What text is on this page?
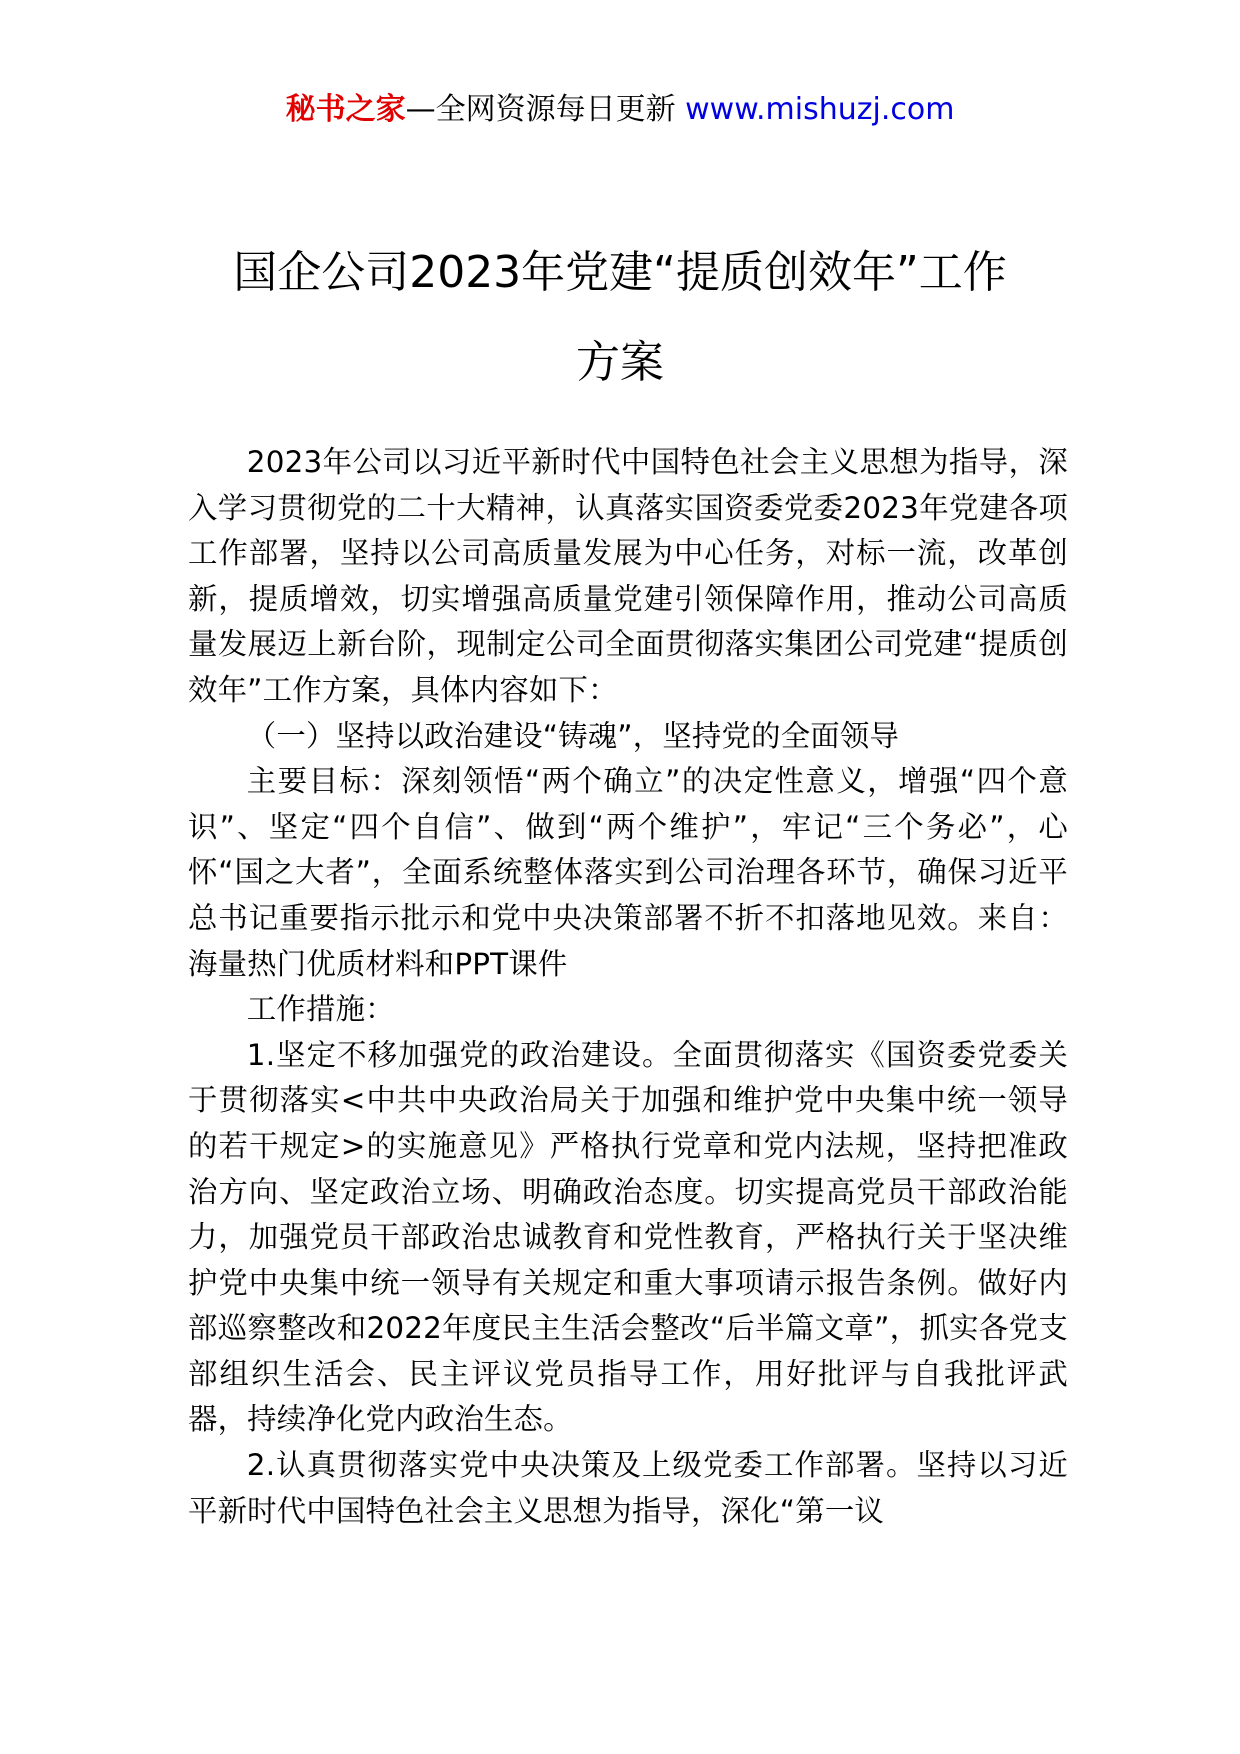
秘书之家—全网资源每日更新 www.mishuzj.com
国企公司2023年党建“提质创效年”工作
方案

2023年公司以习近平新时代中国特色社会主义思想为指导，深入学习贯彻党的二十大精神，认真落实国资委党委2023年党建各项工作部署，坚持以公司高质量发展为中心任务，对标一流，改革创新，提质增效，切实增强高质量党建引领保障作用，推动公司高质量发展迈上新台阶，现制定公司全面贯彻落实集团公司党建“提质创效年”工作方案，具体内容如下：

（一）坚持以政治建设“铸魂”，坚持党的全面领导

主要目标：深刻领悟“两个确立”的决定性意义，增强“四个意识”、坚定“四个自信”、做到“两个维护”，牢记“三个务必”，心怀“国之大者”，全面系统整体落实到公司治理各环节，确保习近平总书记重要指示批示和党中央决策部署不折不扣落地见效。来自：海量热门优质材料和PPT课件

工作措施：

1.坚定不移加强党的政治建设。全面贯彻落实《国资委党委关于贯彻落实<中共中央政治局关于加强和维护党中央集中统一领导的若干规定>的实施意见》严格执行党章和党内法规，坚持把准政治方向、坚定政治立场、明确政治态度。切实提高党员干部政治能力，加强党员干部政治忠诚教育和党性教育，严格执行关于坚决维护党中央集中统一领导有关规定和重大事项请示报告条例。做好内部巡察整改和2022年度民主生活会整改“后半篇文章”，抓实各党支部组织生活会、民主评议党员指导工作，用好批评与自我批评武器，持续净化党内政治生态。

2.认真贯彻落实党中央决策及上级党委工作部署。坚持以习近平新时代中国特色社会主义思想为指导，深化“第一议
